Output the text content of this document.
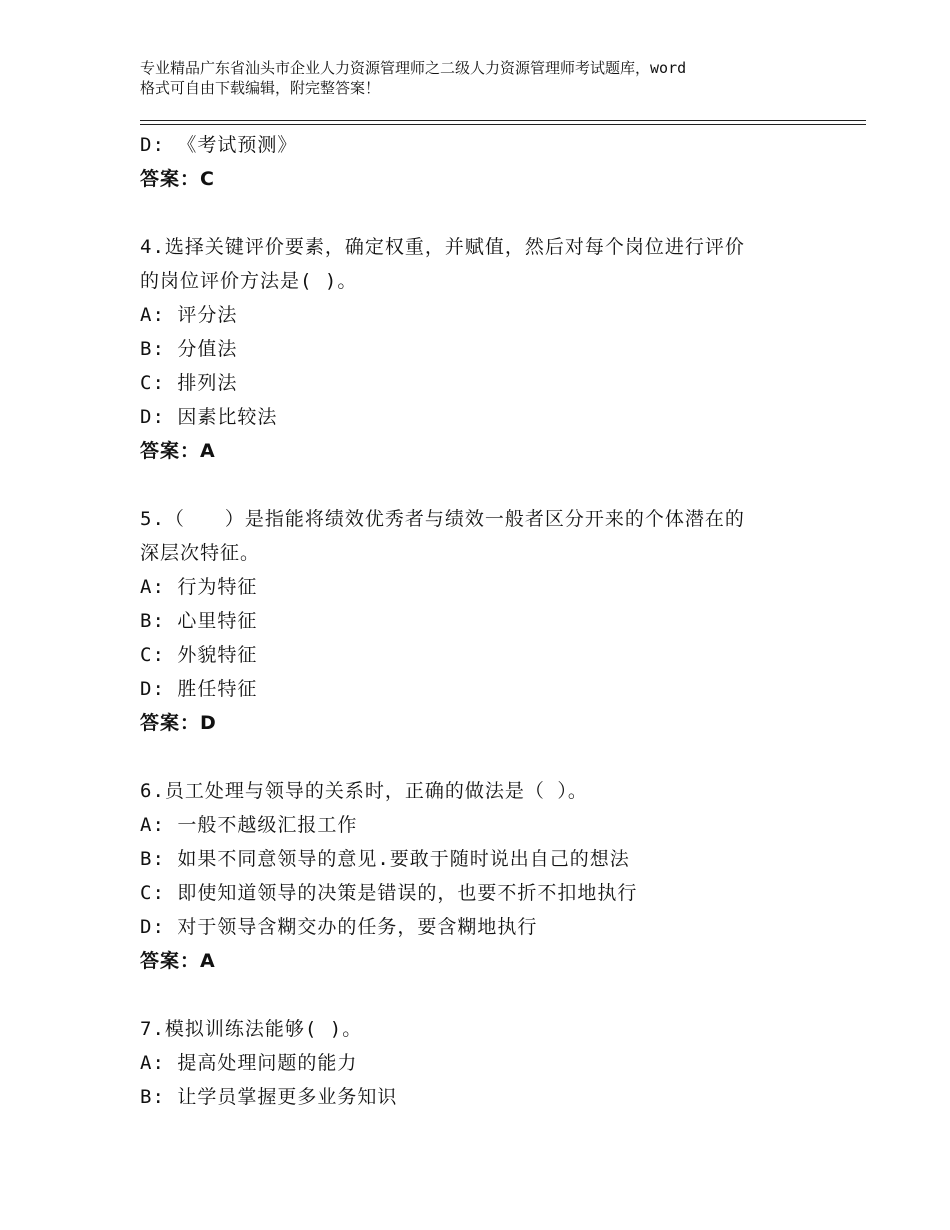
专业精品广东省汕头市企业人力资源管理师之二级人力资源管理师考试题库，word
格式可自由下载编辑，附完整答案！
D: 《考试预测》
答案：C
4.选择关键评价要素，确定权重，并赋值，然后对每个岗位进行评价
的岗位评价方法是( )。
A: 评分法
B: 分值法
C: 排列法
D: 因素比较法
答案：A
5.（　　）是指能将绩效优秀者与绩效一般者区分开来的个体潜在的
深层次特征。
A: 行为特征
B: 心里特征
C: 外貌特征
D: 胜任特征
答案：D
6.员工处理与领导的关系时，正确的做法是（ ）。
A: 一般不越级汇报工作
B: 如果不同意领导的意见.要敢于随时说出自己的想法
C: 即使知道领导的决策是错误的，也要不折不扣地执行
D: 对于领导含糊交办的任务，要含糊地执行
答案：A
7.模拟训练法能够( )。
A: 提高处理问题的能力
B: 让学员掌握更多业务知识
